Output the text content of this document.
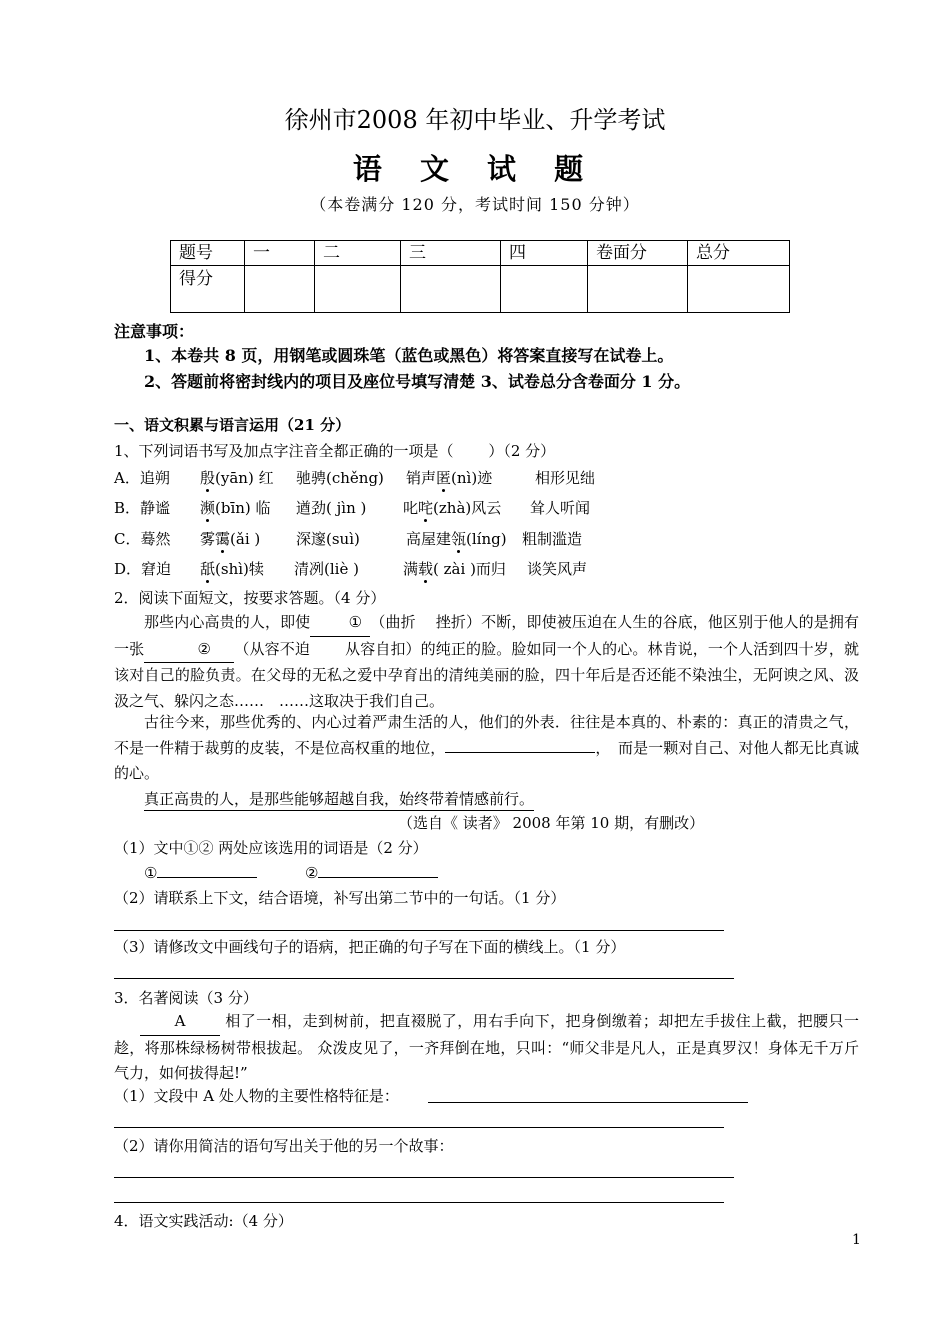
徐州市2008 年初中毕业、升学考试
语 文 试 题
（本卷满分 120 分，考试时间 150 分钟）
题号	一	二	三	四	卷面分	总分
得分						
注意事项：
1、本卷共 8 页，用钢笔或圆珠笔（蓝色或黑色）将答案直接写在试卷上。
2、答题前将密封线内的项目及座位号填写清楚 3、试卷总分含卷面分 1 分。
一、语文积累与语言运用（21 分）
1、下列词语书写及加点字注音全都正确的一项是（　　 ）（2 分）
A．追朔 殷(yān) 红 驰骋(chěng) 销声匿(nì)迹	相形见绌
B．静谧 濒(bīn) 临 遒劲( jìn ) 叱咤(zhà)风云 耸人听闻
C．蓦然 雾霭(ǎi ) 深邃(suì)	高屋建瓴(líng) 粗制滥造
D．窘迫 舐(shì)犊 清冽(liè )	满载( zài )而归 谈笑风声
2．阅读下面短文，按要求答题。（4 分）
那些内心高贵的人，即使	① （曲折　 挫折）不断，即使被压迫在人生的谷底，他区别于他人的是拥有一张	② （从容不迫　　 从容自扣）的纯正的脸。脸如同一个人的心。林肯说，一个人活到四十岁，就该对自己的脸负责。在父母的无私之爱中孕育出的清纯美丽的脸，四十年后是否还能不染浊尘，无阿谀之风、汲汲之气、躲闪之态……　……这取决于我们自己。
古往今来，那些优秀的、内心过着严肃生活的人，他们的外表．往往是本真的、朴素的：真正的清贵之气，不是一件精于裁剪的皮装，不是位高权重的地位，	，　而是一颗对自己、对他人都无比真诚的心。
真正高贵的人，是那些能够超越自我，始终带着情感前行。
（选自《 读者》 2008 年第 10 期，有删改）
（1）文中①② 两处应该选用的词语是（2 分）
①	②
（2）请联系上下文，结合语境，补写出第二节中的一句话。（1 分）
（3）请修改文中画线句子的语病，把正确的句子写在下面的横线上。（1 分）
3．名著阅读（3 分）
A 相了一相，走到树前，把直裰脱了，用右手向下，把身倒缴着；却把左手拔住上截，把腰只一趁，将那株绿杨树带根拔起。 众泼皮见了，一齐拜倒在地，只叫：“师父非是凡人，正是真罗汉！身体无千万斤气力，如何拔得起!”
（1）文段中 A 处人物的主要性格特征是：
（2）请你用简洁的语句写出关于他的另一个故事：
4．语文实践活动:（4 分）
1
